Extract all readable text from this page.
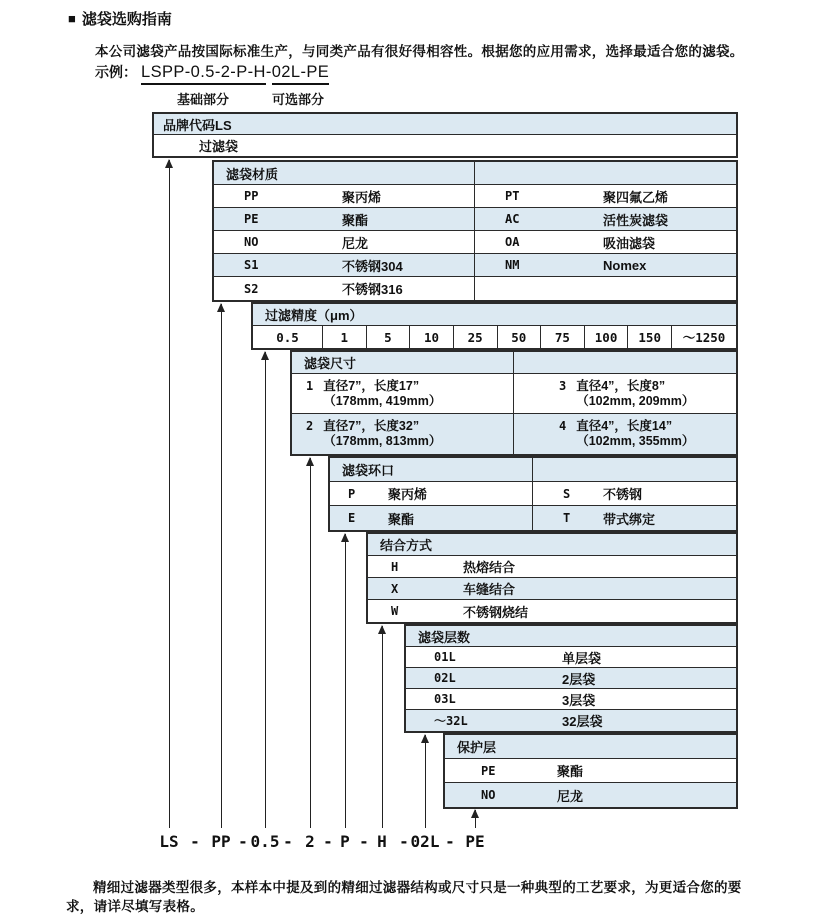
■ 滤袋选购指南
本公司滤袋产品按国际标准生产，与同类产品有很好得相容性。根据您的应用需求，选择最适合您的滤袋。
示例： LSPP-0.5-2-P-H-02L-PE
基础部分	可选部分
品牌代码LS
过滤袋
滤袋材质
PP	聚丙烯	PT	聚四氟乙烯
PE	聚酯	AC	活性炭滤袋
NO	尼龙	OA	吸油滤袋
S1	不锈钢304	NM	Nomex
S2	不锈钢316
过滤精度（μm）
0.5	1	5	10	25	50	75	100	150	～1250
滤袋尺寸
1 直径7”，长度17”
（178mm, 419mm）
3 直径4”，长度8”
（102mm, 209mm）
2 直径7”，长度32”
（178mm, 813mm）
4 直径4”，长度14”
（102mm, 355mm）
滤袋环口
P	聚丙烯	S	不锈钢
E	聚酯	T	带式绑定
结合方式
H	热熔结合
X	车缝结合
W	不锈钢烧结
滤袋层数
01L	单层袋
02L	2层袋
03L	3层袋
～32L	32层袋
保护层
PE	聚酯
NO	尼龙
LS - PP - 0.5 - 2 - P - H - 02L - PE

精细过滤器类型很多，本样本中提及到的精细过滤器结构或尺寸只是一种典型的工艺要求，为更适合您的要求，请详尽填写表格。
